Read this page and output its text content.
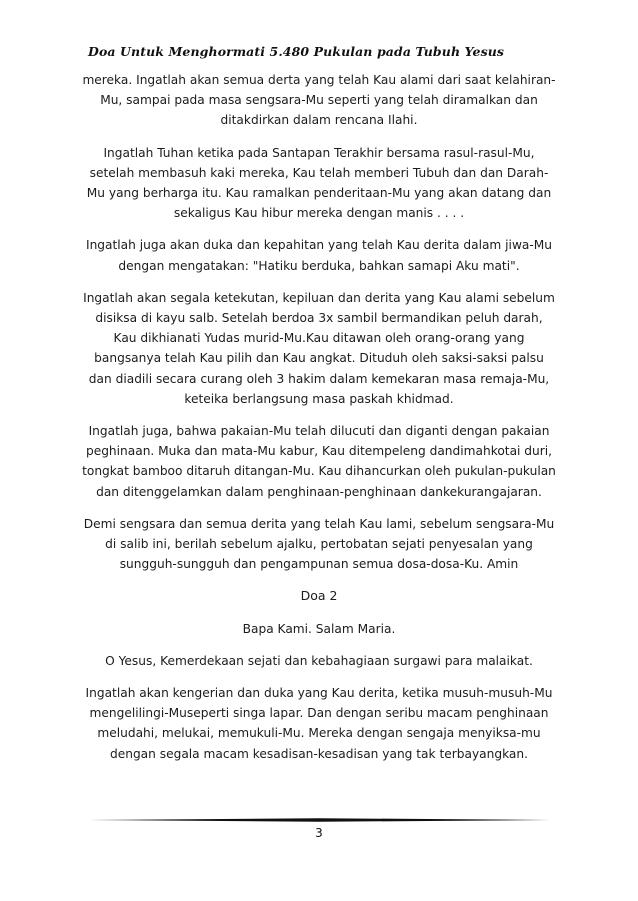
Doa Untuk Menghormati 5.480 Pukulan pada Tubuh Yesus

mereka. Ingatlah akan semua derta yang telah Kau alami dari saat kelahiran-Mu, sampai pada masa sengsara-Mu seperti yang telah diramalkan dan ditakdirkan dalam rencana Ilahi.

Ingatlah Tuhan ketika pada Santapan Terakhir bersama rasul-rasul-Mu, setelah membasuh kaki mereka, Kau telah memberi Tubuh dan dan Darah-Mu yang berharga itu. Kau ramalkan penderitaan-Mu yang akan datang dan sekaligus Kau hibur mereka dengan manis . . . .

Ingatlah juga akan duka dan kepahitan yang telah Kau derita dalam jiwa-Mu dengan mengatakan: "Hatiku berduka, bahkan samapi Aku mati".

Ingatlah akan segala ketekutan, kepiluan dan derita yang Kau alami sebelum disiksa di kayu salb. Setelah berdoa 3x sambil bermandikan peluh darah, Kau dikhianati Yudas murid-Mu.Kau ditawan oleh orang-orang yang bangsanya telah Kau pilih dan Kau angkat. Dituduh oleh saksi-saksi palsu dan diadili secara curang oleh 3 hakim dalam kemekaran masa remaja-Mu, keteika berlangsung masa paskah khidmad.

Ingatlah juga, bahwa pakaian-Mu telah dilucuti dan diganti dengan pakaian peghinaan. Muka dan mata-Mu kabur, Kau ditempeleng dandimahkotai duri, tongkat bamboo ditaruh ditangan-Mu. Kau dihancurkan oleh pukulan-pukulan dan ditenggelamkan dalam penghinaan-penghinaan dankekurangajaran.

Demi sengsara dan semua derita yang telah Kau lami, sebelum sengsara-Mu di salib ini, berilah sebelum ajalku, pertobatan sejati penyesalan yang sungguh-sungguh dan pengampunan semua dosa-dosa-Ku. Amin

Doa 2

Bapa Kami. Salam Maria.

O Yesus, Kemerdekaan sejati dan kebahagiaan surgawi para malaikat.

Ingatlah akan kengerian dan duka yang Kau derita, ketika musuh-musuh-Mu mengelilingi-Museperti singa lapar. Dan dengan seribu macam penghinaan meludahi, melukai, memukuli-Mu. Mereka dengan sengaja menyiksa-mu dengan segala macam kesadisan-kesadisan yang tak terbayangkan.

3
